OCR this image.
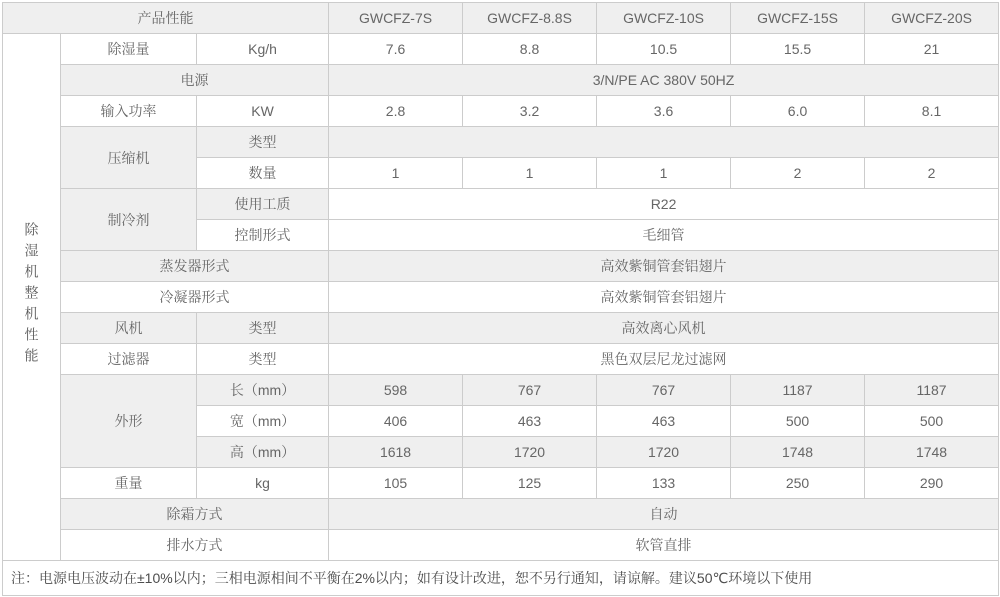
产品性能			GWCFZ-7S	GWCFZ-8.8S	GWCFZ-10S	GWCFZ-15S	GWCFZ-20S
除湿机整机性能	除湿量	Kg/h	7.6	8.8	10.5	15.5	21
	电源		3/N/PE AC 380V 50HZ				
	输入功率	KW	2.8	3.2	3.6	6.0	8.1
	压缩机	类型					
		数量	1	1	1	2	2
	制冷剂	使用工质	R22				
		控制形式	毛细管				
	蒸发器形式		高效紫铜管套铝翅片				
	冷凝器形式		高效紫铜管套铝翅片				
	风机	类型	高效离心风机				
	过滤器	类型	黑色双层尼龙过滤网				
	外形	长（mm）	598	767	767	1187	1187
		宽（mm）	406	463	463	500	500
		高（mm）	1618	1720	1720	1748	1748
	重量	kg	105	125	133	250	290
	除霜方式		自动				
	排水方式		软管直排				
注：电源电压波动在±10%以内；三相电源相间不平衡在2%以内；如有设计改进，恕不另行通知，请谅解。建议50℃环境以下使用							
